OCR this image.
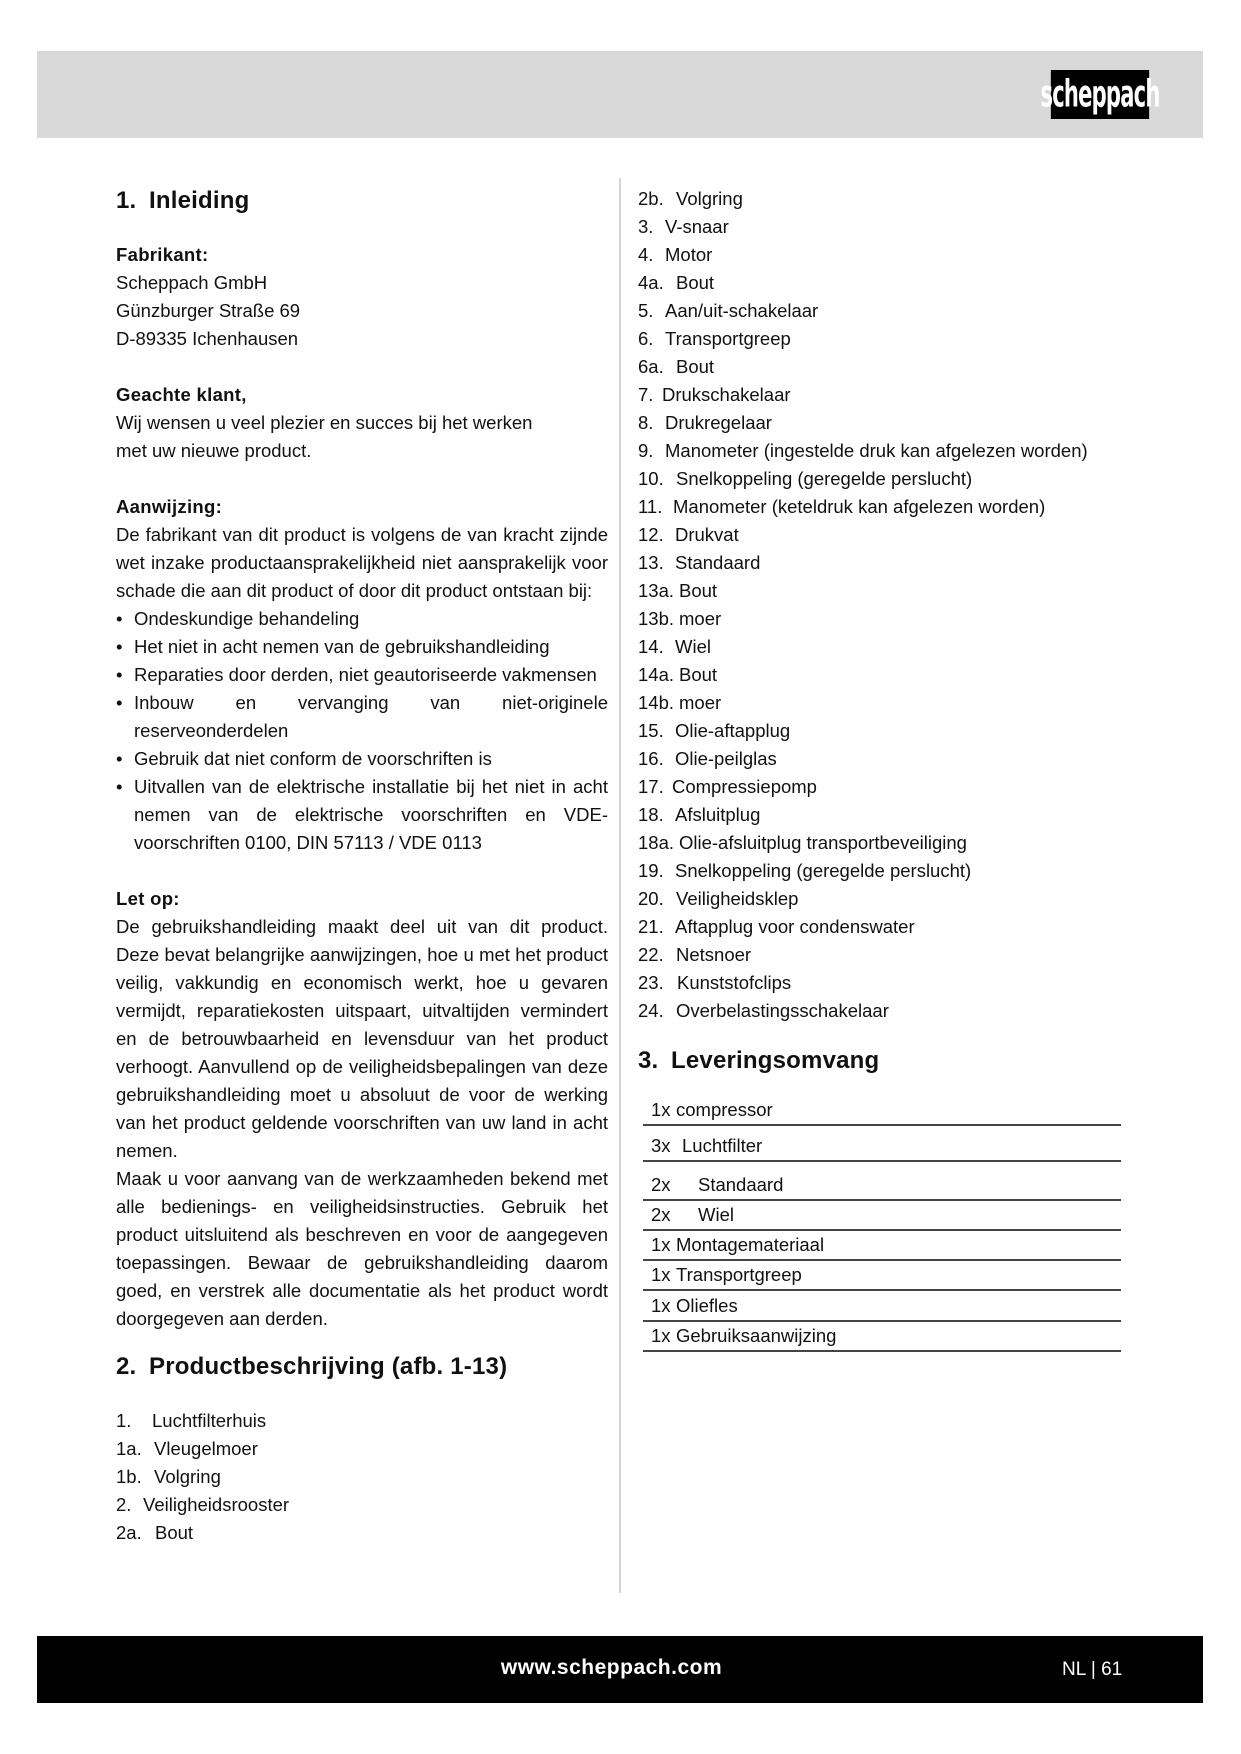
scheppach
1. Inleiding
Fabrikant:
Scheppach GmbH
Günzburger Straße 69
D-89335 Ichenhausen
Geachte klant,

Wij wensen u veel plezier en succes bij het werken met uw nieuwe product.

Aanwijzing:

De fabrikant van dit product is volgens de van kracht zijnde wet inzake productaansprakelijkheid niet aansprakelijk voor schade die aan dit product of door dit product ontstaan bij:

• Ondeskundige behandeling
• Het niet in acht nemen van de gebruikshandleiding
• Reparaties door derden, niet geautoriseerde vakmensen
• Inbouw en vervanging van niet-originele reserveonderdelen
• Gebruik dat niet conform de voorschriften is
• Uitvallen van de elektrische installatie bij het niet in acht nemen van de elektrische voorschriften en VDE-voorschriften 0100, DIN 57113 / VDE 0113
Let op:

De gebruikshandleiding maakt deel uit van dit product. Deze bevat belangrijke aanwijzingen, hoe u met het product veilig, vakkundig en economisch werkt, hoe u gevaren vermijdt, reparatiekosten uitspaart, uitvaltijden vermindert en de betrouwbaarheid en levensduur van het product verhoogt. Aanvullend op de veiligheidsbepalingen van deze gebruikshandleiding moet u absoluut de voor de werking van het product geldende voorschriften van uw land in acht nemen.

Maak u voor aanvang van de werkzaamheden bekend met alle bedienings- en veiligheidsinstructies. Gebruik het product uitsluitend als beschreven en voor de aangegeven toepassingen. Bewaar de gebruikshandleiding daarom goed, en verstrek alle documentatie als het product wordt doorgegeven aan derden.

2. Productbeschrijving (afb. 1-13)
1.	Luchtfilterhuis
1a. Vleugelmoer
1b. Volgring
2. Veiligheidsrooster
2a. Bout
2b. Volgring
3. V-snaar
4. Motor
4a. Bout
5. Aan/uit-schakelaar
6. Transportgreep
6a. Bout
7. Drukschakelaar
8. Drukregelaar
9. Manometer (ingestelde druk kan afgelezen worden)
10. Snelkoppeling (geregelde perslucht)
11. Manometer (keteldruk kan afgelezen worden)
12. Drukvat
13. Standaard
13a. Bout
13b. moer
14. Wiel
14a. Bout
14b. moer
15. Olie-aftapplug
16. Olie-peilglas
17. Compressiepomp
18. Afsluitplug
18a. Olie-afsluitplug transportbeveiliging
19. Snelkoppeling (geregelde perslucht)
20. Veiligheidsklep
21. Aftapplug voor condenswater
22. Netsnoer
23. Kunststofclips
24. Overbelastingsschakelaar
3. Leveringsomvang
1x compressor
3x Luchtfilter
2x Standaard
2x Wiel
1x Montagemateriaal
1x Transportgreep
1x Oliefles
1x Gebruiksaanwijzing
www.scheppach.com	NL | 61
